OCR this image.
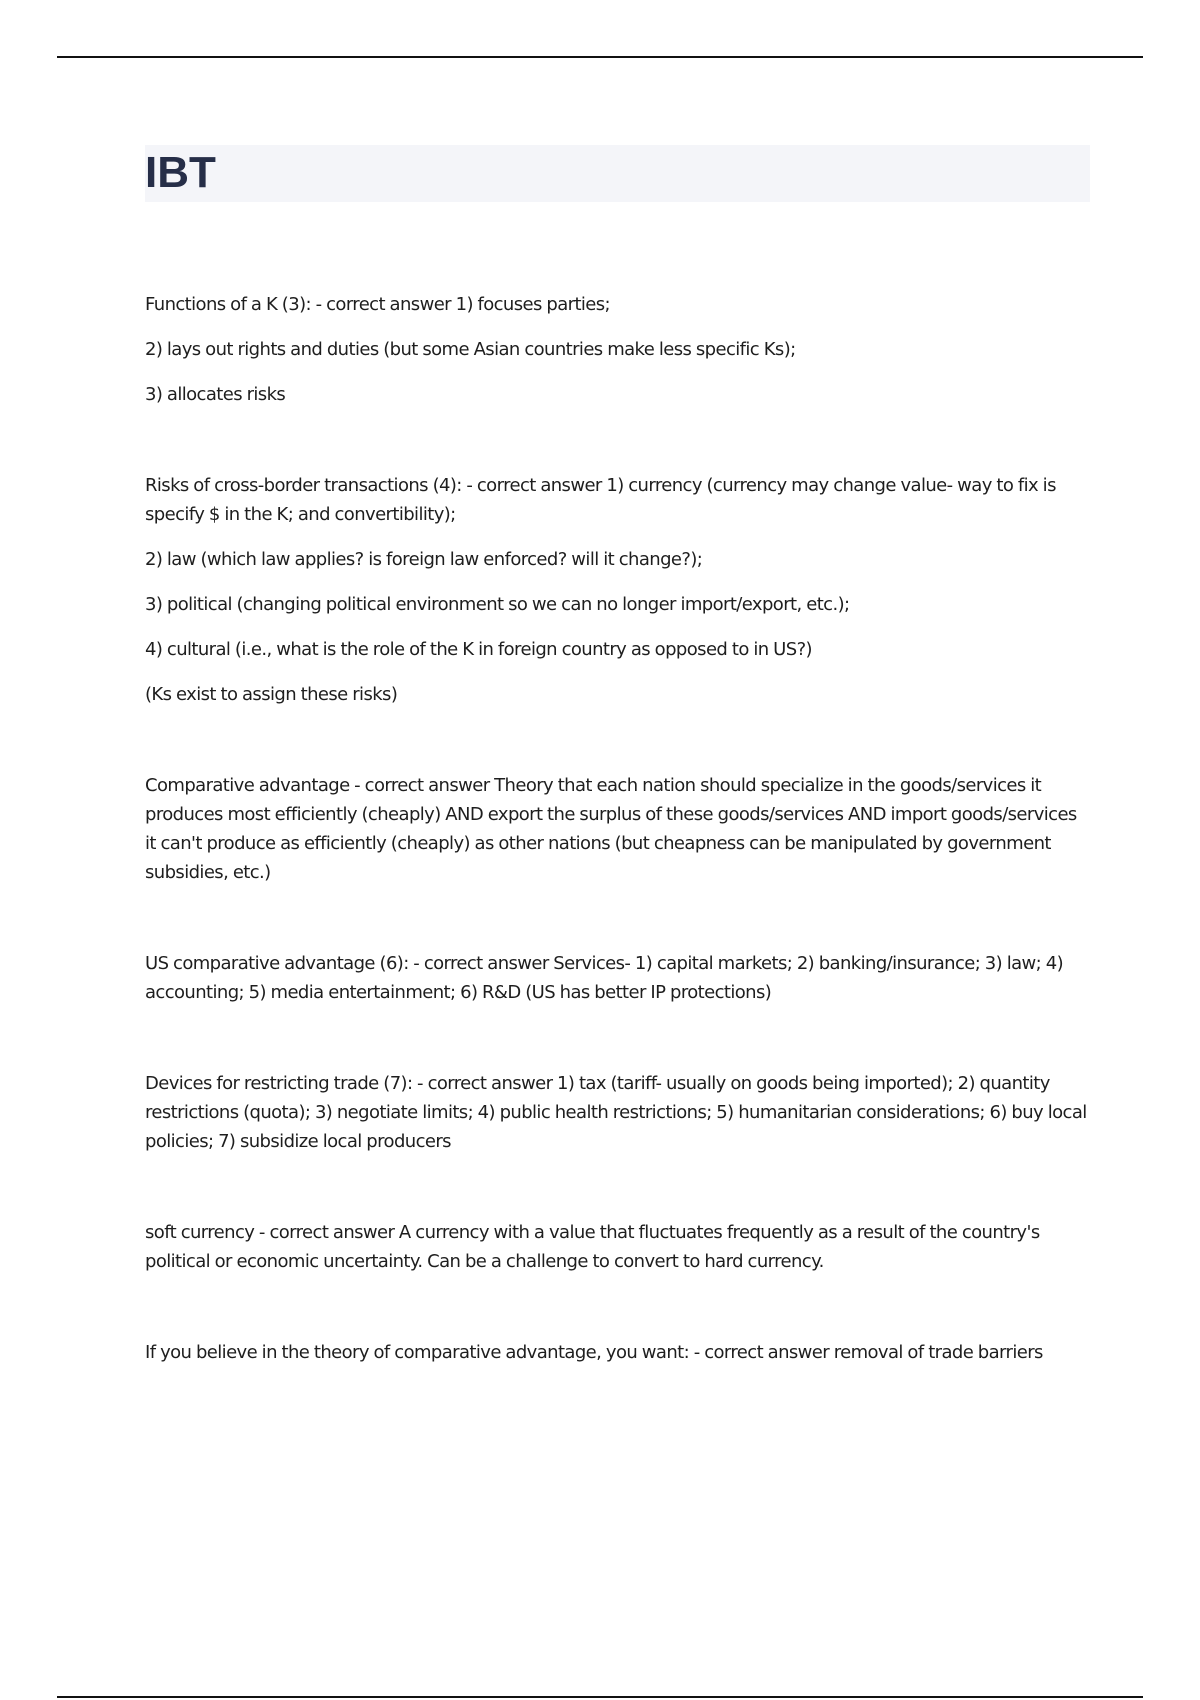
IBT

Functions of a K (3): - correct answer 1) focuses parties;

2) lays out rights and duties (but some Asian countries make less specific Ks);

3) allocates risks

Risks of cross-border transactions (4): - correct answer 1) currency (currency may change value- way to fix is specify $ in the K; and convertibility);

2) law (which law applies? is foreign law enforced? will it change?);

3) political (changing political environment so we can no longer import/export, etc.);

4) cultural (i.e., what is the role of the K in foreign country as opposed to in US?)

(Ks exist to assign these risks)

Comparative advantage - correct answer Theory that each nation should specialize in the goods/services it produces most efficiently (cheaply) AND export the surplus of these goods/services AND import goods/services it can't produce as efficiently (cheaply) as other nations (but cheapness can be manipulated by government subsidies, etc.)

US comparative advantage (6): - correct answer Services- 1) capital markets; 2) banking/insurance; 3) law; 4) accounting; 5) media entertainment; 6) R&D (US has better IP protections)

Devices for restricting trade (7): - correct answer 1) tax (tariff- usually on goods being imported); 2) quantity restrictions (quota); 3) negotiate limits; 4) public health restrictions; 5) humanitarian considerations; 6) buy local policies; 7) subsidize local producers

soft currency - correct answer A currency with a value that fluctuates frequently as a result of the country's political or economic uncertainty. Can be a challenge to convert to hard currency.

If you believe in the theory of comparative advantage, you want: - correct answer removal of trade barriers
